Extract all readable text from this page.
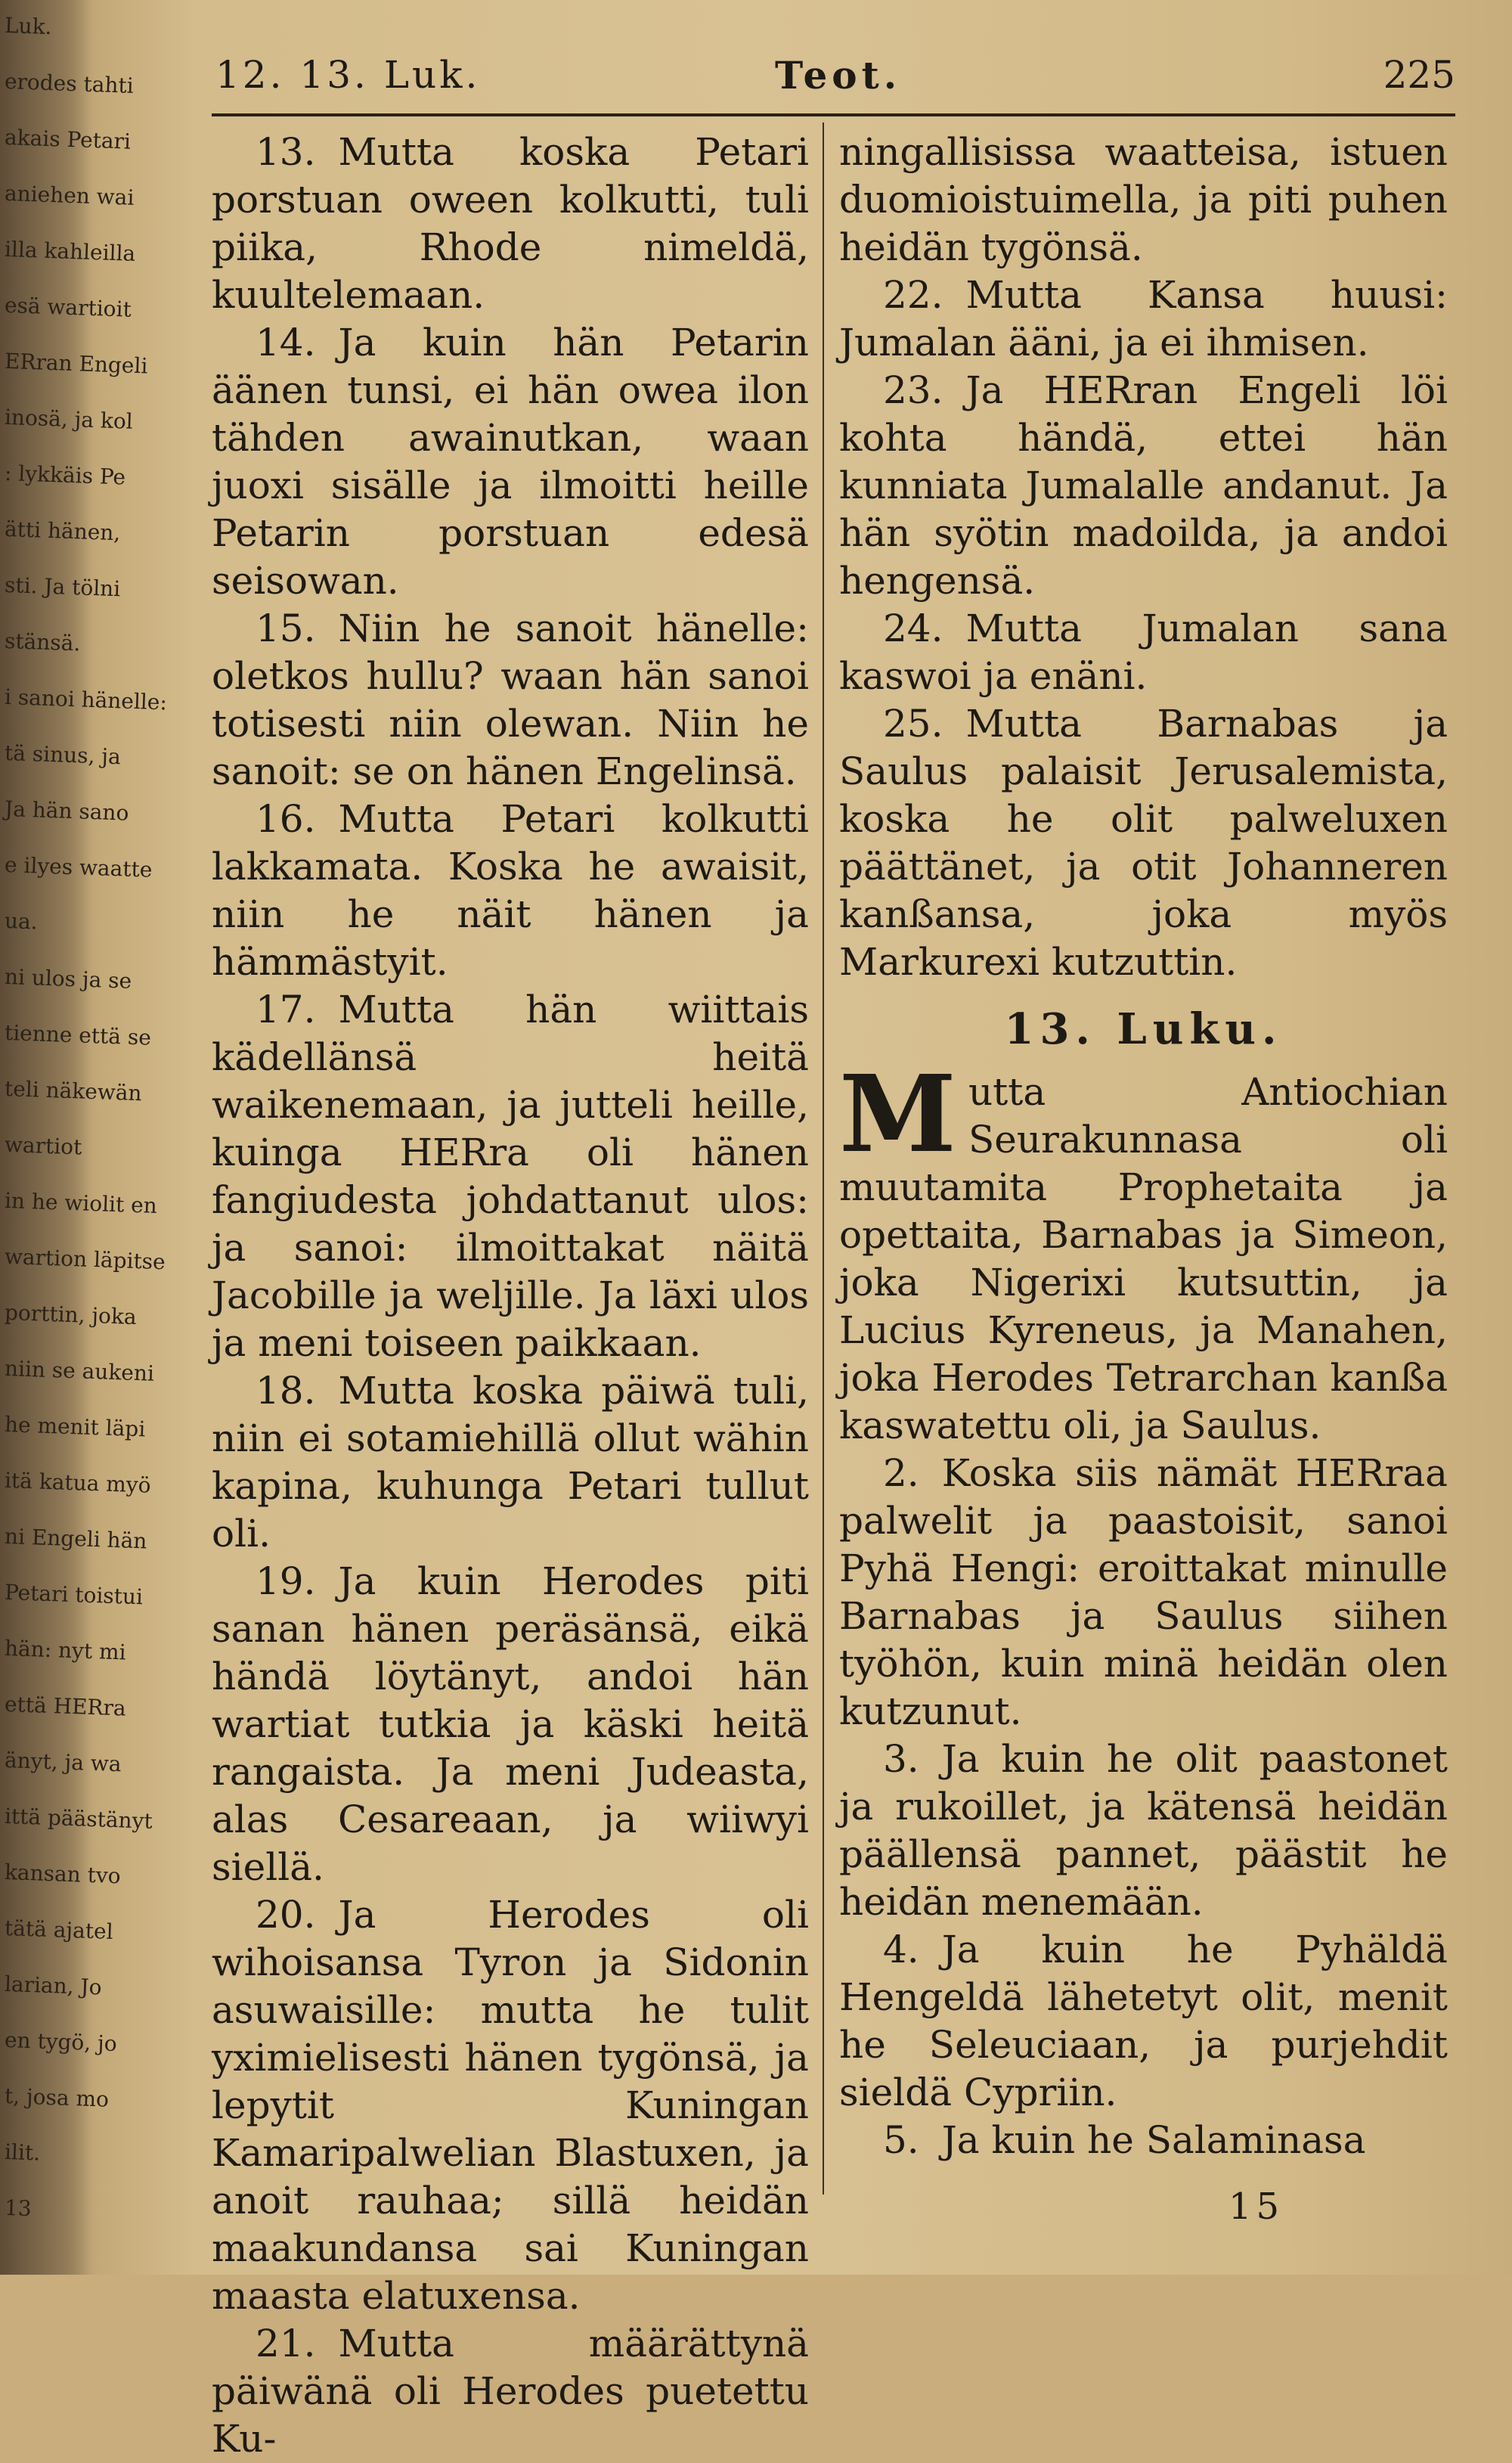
Luk.
erodes tahti
akais Petari
aniehen wai
illa kahleilla
esä wartioit
ERran Engeli
inosä, ja kol
: lykkäis Pe
ätti hänen,
sti. Ja tölni
stänsä.
i sanoi hänelle:
tä sinus, ja
Ja hän sano
e ilyes waatte
ua.
ni ulos ja se
tienne että se
teli näkewän
wartiot
in he wiolit en
wartion läpitse
porttin, joka
niin se aukeni
he menit läpi
itä katua myö
ni Engeli hän
Petari toistui
hän: nyt mi
että HERra
änyt, ja wa
ittä päästänyt
kansan tvo
tätä ajatel
larian, Jo
en tygö, jo
t, josa mo
ilit.
13
12. 13. Luk.	Teot.	225

13. Mutta koska Petari porstuan oween kolkutti, tuli piika, Rhode nimeldä, kuultelemaan.

14. Ja kuin hän Petarin äänen tunsi, ei hän owea ilon tähden awainutkan, waan juoxi sisälle ja ilmoitti heille Petarin porstuan edesä seisowan.

15. Niin he sanoit hänelle: oletkos hullu? waan hän sanoi totisesti niin olewan. Niin he sanoit: se on hänen Engelinsä.

16. Mutta Petari kolkutti lakkamata. Koska he awaisit, niin he näit hänen ja hämmästyit.

17. Mutta hän wiittais kädellänsä heitä waikenemaan, ja jutteli heille, kuinga HERra oli hänen fangiudesta johdattanut ulos: ja sanoi: ilmoittakat näitä Jacobille ja weljille. Ja läxi ulos ja meni toiseen paikkaan.

18. Mutta koska päiwä tuli, niin ei sotamiehillä ollut wähin kapina, kuhunga Petari tullut oli.

19. Ja kuin Herodes piti sanan hänen peräsänsä, eikä händä löytänyt, andoi hän wartiat tutkia ja käski heitä rangaista. Ja meni Judeasta, alas Cesareaan, ja wiiwyi siellä.

20. Ja Herodes oli wihoisansa Tyron ja Sidonin asuwaisille: mutta he tulit yximielisesti hänen tygönsä, ja lepytit Kuningan Kamaripalwelian Blastuxen, ja anoit rauhaa; sillä heidän maakundansa sai Kuningan maasta elatuxensa.

21. Mutta määrättynä päiwänä oli Herodes puetettu Ku-

ningallisissa waatteisa, istuen duomioistuimella, ja piti puhen heidän tygönsä.

22. Mutta Kansa huusi: Jumalan ääni, ja ei ihmisen.

23. Ja HERran Engeli löi kohta händä, ettei hän kunniata Jumalalle andanut. Ja hän syötin madoilda, ja andoi hengensä.

24. Mutta Jumalan sana kaswoi ja enäni.

25. Mutta Barnabas ja Saulus palaisit Jerusalemista, koska he olit palweluxen päättänet, ja otit Johanneren kanßansa, joka myös Markurexi kutzuttin.

13. Luku.

Mutta Antiochian Seurakunnasa oli muutamita Prophetaita ja opettaita, Barnabas ja Simeon, joka Nigerixi kutsuttin, ja Lucius Kyreneus, ja Manahen, joka Herodes Tetrarchan kanßa kaswatettu oli, ja Saulus.

2. Koska siis nämät HERraa palwelit ja paastoisit, sanoi Pyhä Hengi: eroittakat minulle Barnabas ja Saulus siihen työhön, kuin minä heidän olen kutzunut.

3. Ja kuin he olit paastonet ja rukoillet, ja kätensä heidän päällensä pannet, päästit he heidän menemään.

4. Ja kuin he Pyhäldä Hengeldä lähetetyt olit, menit he Seleuciaan, ja purjehdit sieldä Cypriin.

5. Ja kuin he Salaminasa

15
